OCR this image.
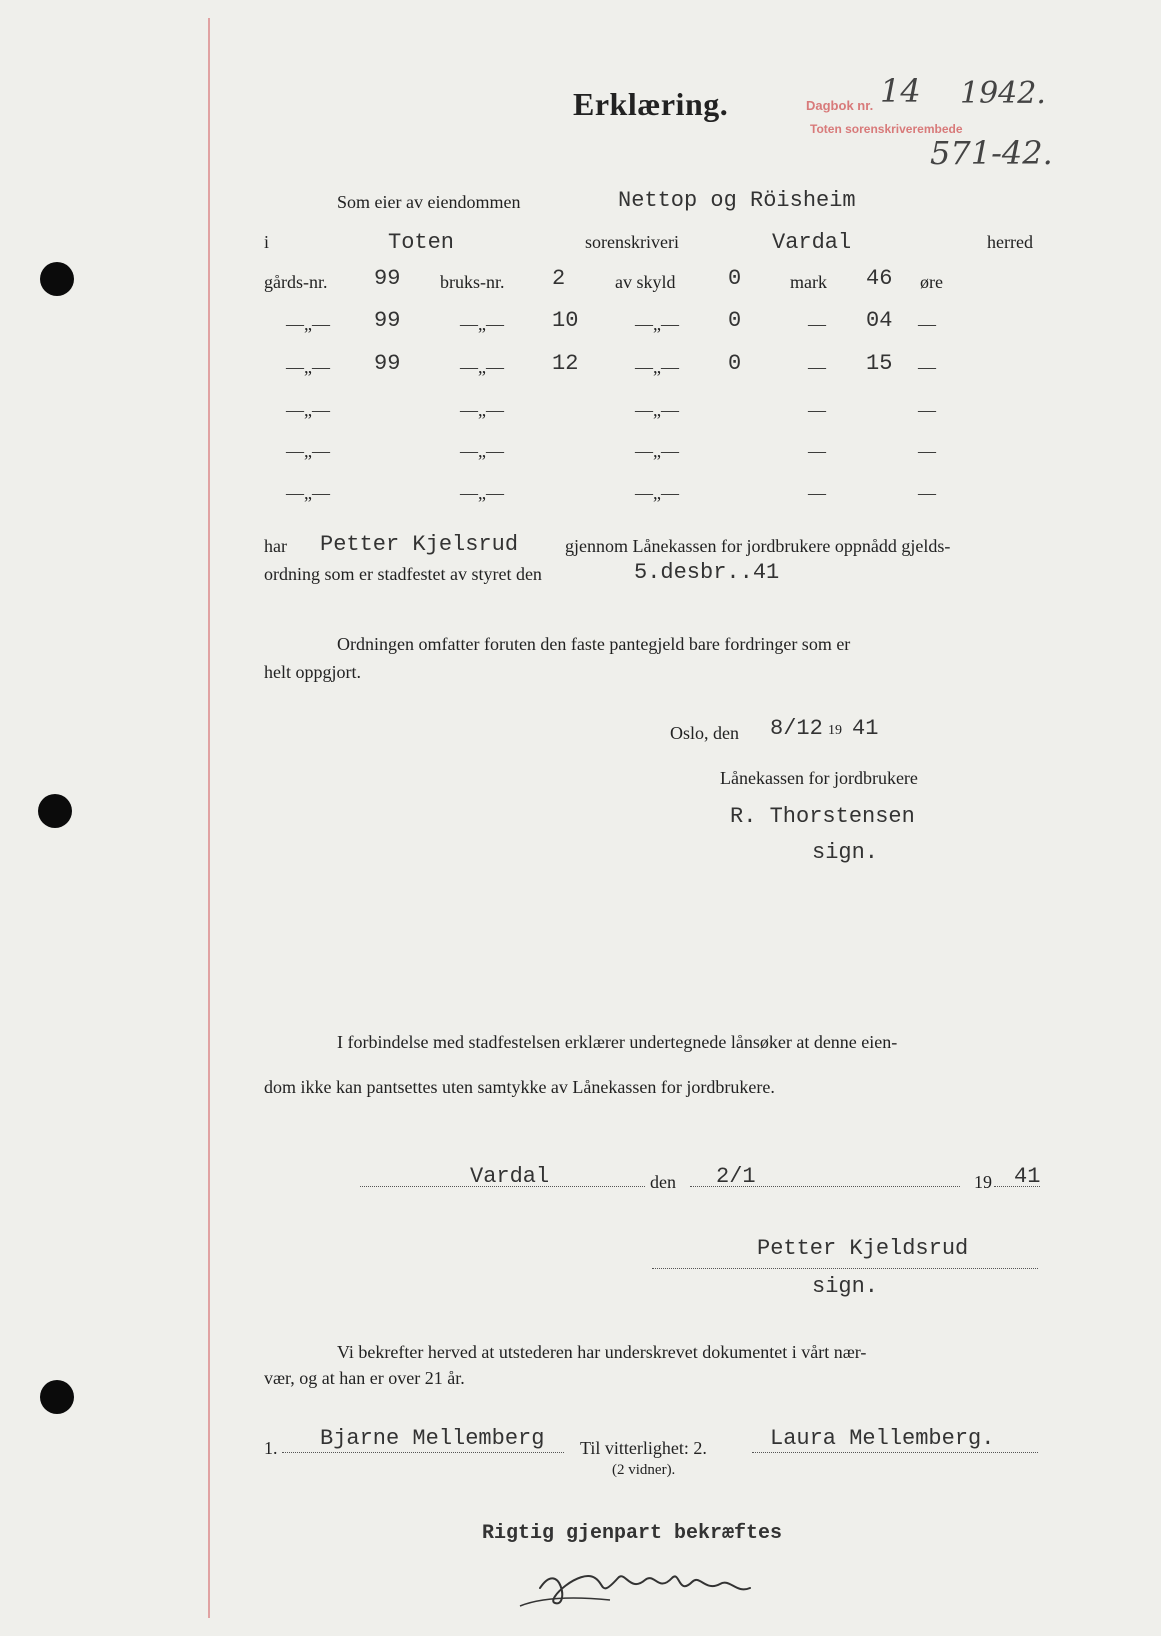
Erklæring.	Dagbok nr. 14 1942.
Toten sorenskriverembede
571-42.
Som eier av eiendommen	Nettop og Röisheim
i	Toten	sorenskriveri	Vardal	herred
gårds-nr.	bruks-nr.	av skyld	mark	øre
99	2	0	46
—„—	—„—	—„—	—	—
99	10	0	04
—„—	—„—	—„—	—	—
99	12	0	15
—„—	—„—	—„—	—	—
—„—	—„—	—„—	—	—
—„—	—„—	—„—	—	—
har Petter Kjelsrud	gjennom Lånekassen for jordbrukere oppnådd gjelds-
ordning som er stadfestet av styret den	5.desbr..41
Ordningen omfatter foruten den faste pantegjeld bare fordringer som er
helt oppgjort.
Oslo, den 8/12 19 41
Lånekassen for jordbrukere
R. Thorstensen
sign.
I forbindelse med stadfestelsen erklærer undertegnede lånsøker at denne eien-
dom ikke kan pantsettes uten samtykke av Lånekassen for jordbrukere.
Vardal	den 2/1	19 41
Petter Kjeldsrud
sign.
Vi bekrefter herved at utstederen har underskrevet dokumentet i vårt nær-
vær, og at han er over 21 år.
1. Bjarne Mellemberg Til vitterlighet: 2.	Laura Mellemberg.
(2 vidner).
Rigtig gjenpart bekræftes
